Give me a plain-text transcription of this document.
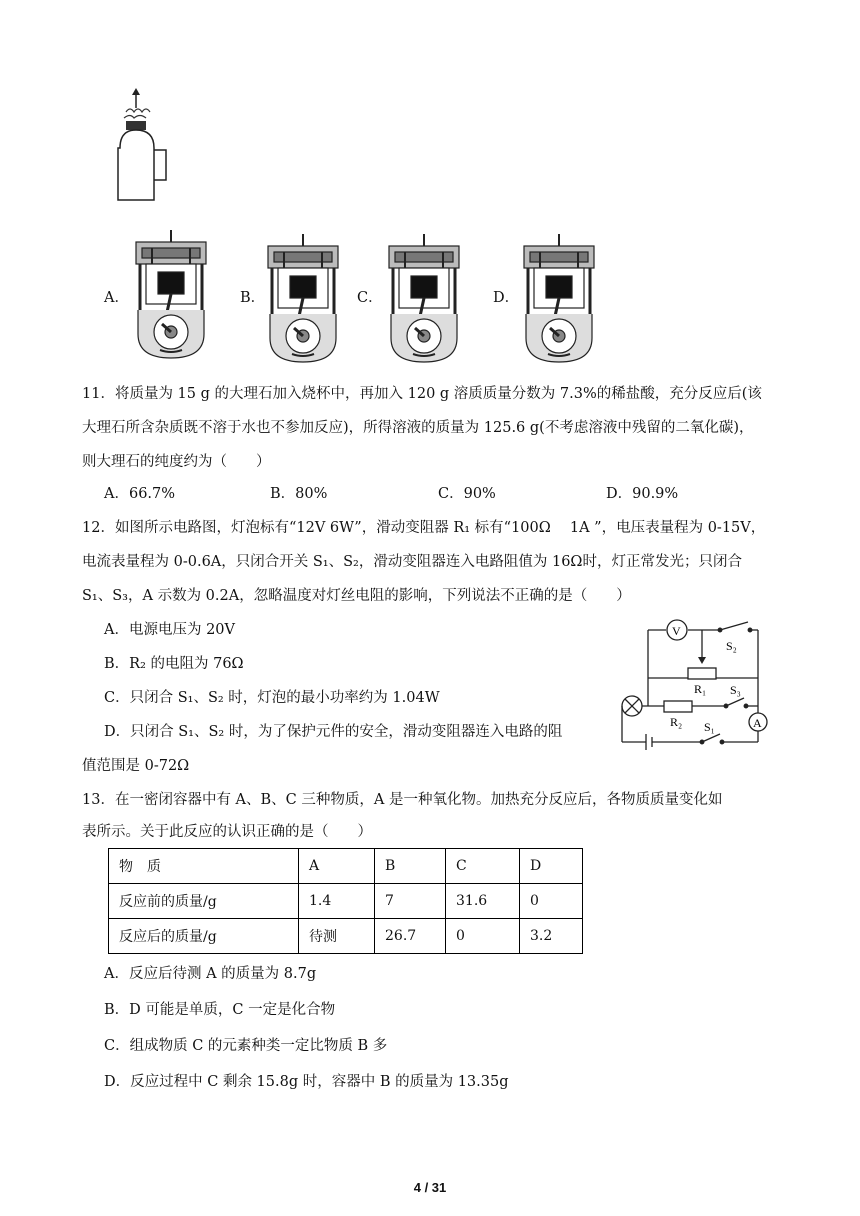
A．	B．	C．	D．
11．将质量为 15 g 的大理石加入烧杯中，再加入 120 g 溶质质量分数为 7.3%的稀盐酸，充分反应后(该
大理石所含杂质既不溶于水也不参加反应)，所得溶液的质量为 125.6 g(不考虑溶液中残留的二氧化碳)，
则大理石的纯度约为（　　）
A．66.7%	B．80%	C．90%	D．90.9%
12．如图所示电路图，灯泡标有“12V 6W”，滑动变阻器 R₁ 标有“100Ω　 1A ”，电压表量程为 0-15V，
电流表量程为 0-0.6A，只闭合开关 S₁、S₂，滑动变阻器连入电路阻值为 16Ω时，灯正常发光；只闭合
S₁、S₃，A 示数为 0.2A，忽略温度对灯丝电阻的影响，下列说法不正确的是（　　）
A．电源电压为 20V
B．R₂ 的电阻为 76Ω
C．只闭合 S₁、S₂ 时，灯泡的最小功率约为 1.04W
D．只闭合 S₁、S₂ 时，为了保护元件的安全，滑动变阻器连入电路的阻
值范围是 0-72Ω
V
A
S₂
R₁ S₃
R₂ S₁
13．在一密闭容器中有 A、B、C 三种物质，A 是一种氧化物。加热充分反应后，各物质质量变化如
表所示。关于此反应的认识正确的是（　　）
物　质	A	B	C	D
反应前的质量/g	1.4	7	31.6	0
反应后的质量/g	待测	26.7	0	3.2
A．反应后待测 A 的质量为 8.7g
B．D 可能是单质，C 一定是化合物
C．组成物质 C 的元素种类一定比物质 B 多
D．反应过程中 C 剩余 15.8g 时，容器中 B 的质量为 13.35g
4 / 31
